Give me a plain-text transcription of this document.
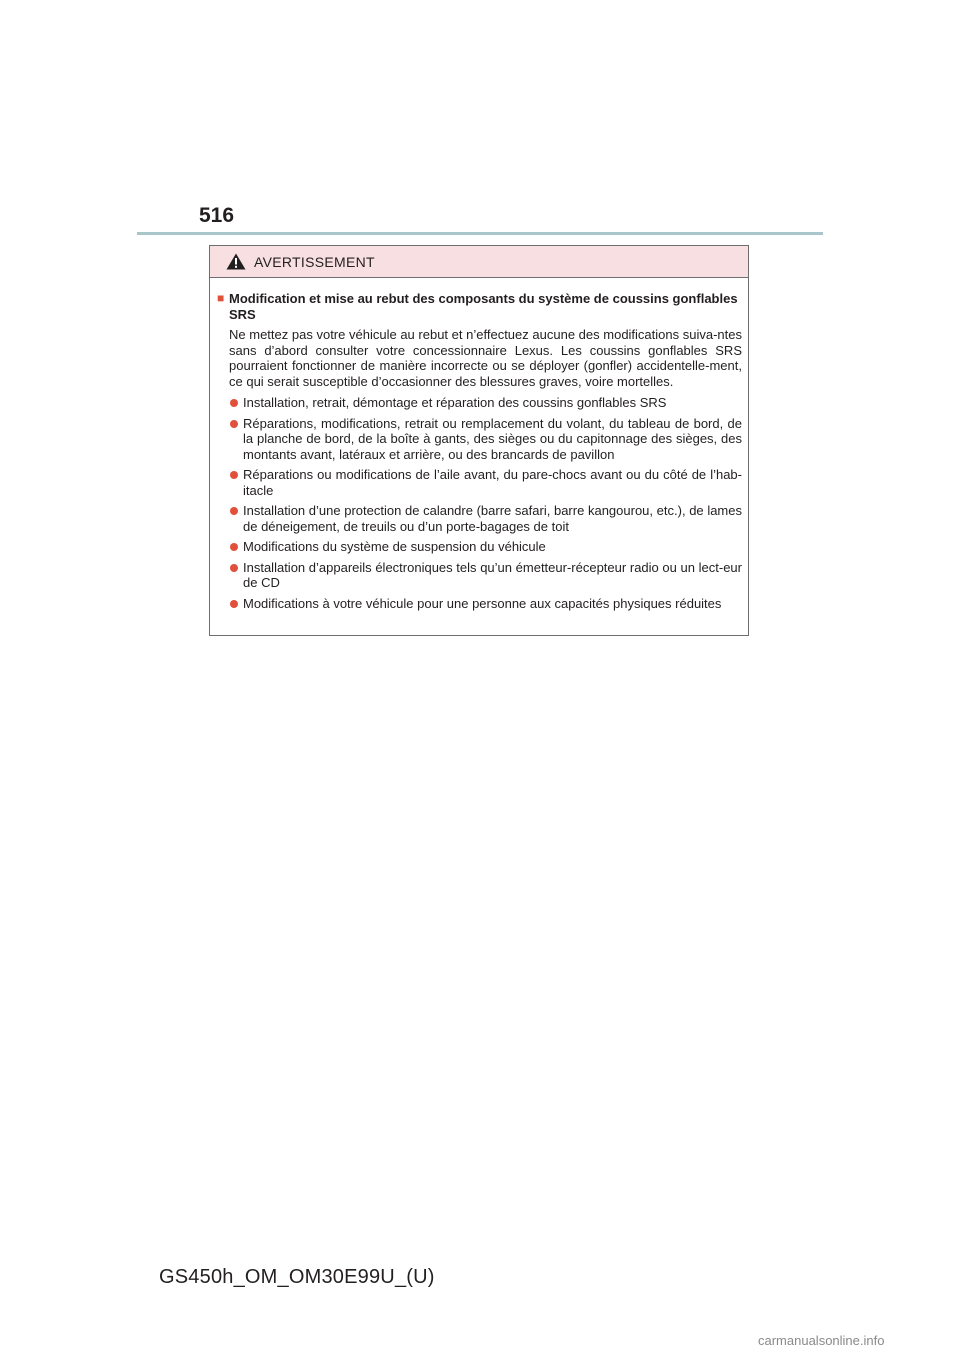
516
AVERTISSEMENT
■ Modification et mise au rebut des composants du système de coussins gonflables SRS
Ne mettez pas votre véhicule au rebut et n’effectuez aucune des modifications suiva-ntes sans d’abord consulter votre concessionnaire Lexus. Les coussins gonflables SRS pourraient fonctionner de manière incorrecte ou se déployer (gonfler) accidentelle-ment, ce qui serait susceptible d’occasionner des blessures graves, voire mortelles.
Installation, retrait, démontage et réparation des coussins gonflables SRS
Réparations, modifications, retrait ou remplacement du volant, du tableau de bord, de la planche de bord, de la boîte à gants, des sièges ou du capitonnage des sièges, des montants avant, latéraux et arrière, ou des brancards de pavillon
Réparations ou modifications de l’aile avant, du pare-chocs avant ou du côté de l’hab-itacle
Installation d’une protection de calandre (barre safari, barre kangourou, etc.), de lames de déneigement, de treuils ou d’un porte-bagages de toit
Modifications du système de suspension du véhicule
Installation d’appareils électroniques tels qu’un émetteur-récepteur radio ou un lect-eur de CD
Modifications à votre véhicule pour une personne aux capacités physiques réduites
GS450h_OM_OM30E99U_(U)
carmanualsonline.info
